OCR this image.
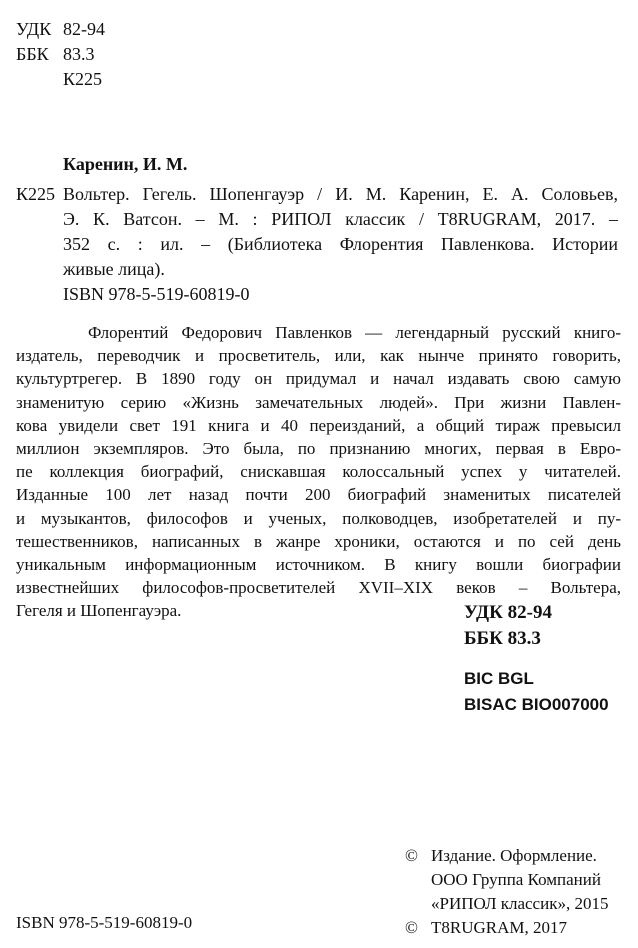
УДК 82-94
ББК 83.3
К225
Каренин, И. М.
К225 Вольтер. Гегель. Шопенгауэр / И. М. Каренин, Е. А. Соловьев,
Э. К. Ватсон. – М. : РИПОЛ классик / T8RUGRAM, 2017. –
352 с. : ил. – (Библиотека Флорентия Павленкова. Истории
живые лица).
ISBN 978-5-519-60819-0
Флорентий Федорович Павленков — легендарный русский книго-
издатель, переводчик и просветитель, или, как нынче принято говорить,
культуртрегер. В 1890 году он придумал и начал издавать свою самую
знаменитую серию «Жизнь замечательных людей». При жизни Павлен-
кова увидели свет 191 книга и 40 переизданий, а общий тираж превысил
миллион экземпляров. Это была, по признанию многих, первая в Евро-
пе коллекция биографий, снискавшая колоссальный успех у читателей.
Изданные 100 лет назад почти 200 биографий знаменитых писателей
и музыкантов, философов и ученых, полководцев, изобретателей и пу-
тешественников, написанных в жанре хроники, остаются и по сей день
уникальным информационным источником. В книгу вошли биографии
известнейших философов-просветителей XVII–XIX веков – Вольтера,
Гегеля и Шопенгауэра.	УДК 82-94
ББК 83.3
BIC BGL
BISAC BIO007000
© Издание. Оформление.
ООО Группа Компаний
«РИПОЛ классик», 2015
© T8RUGRAM, 2017
ISBN 978-5-519-60819-0
